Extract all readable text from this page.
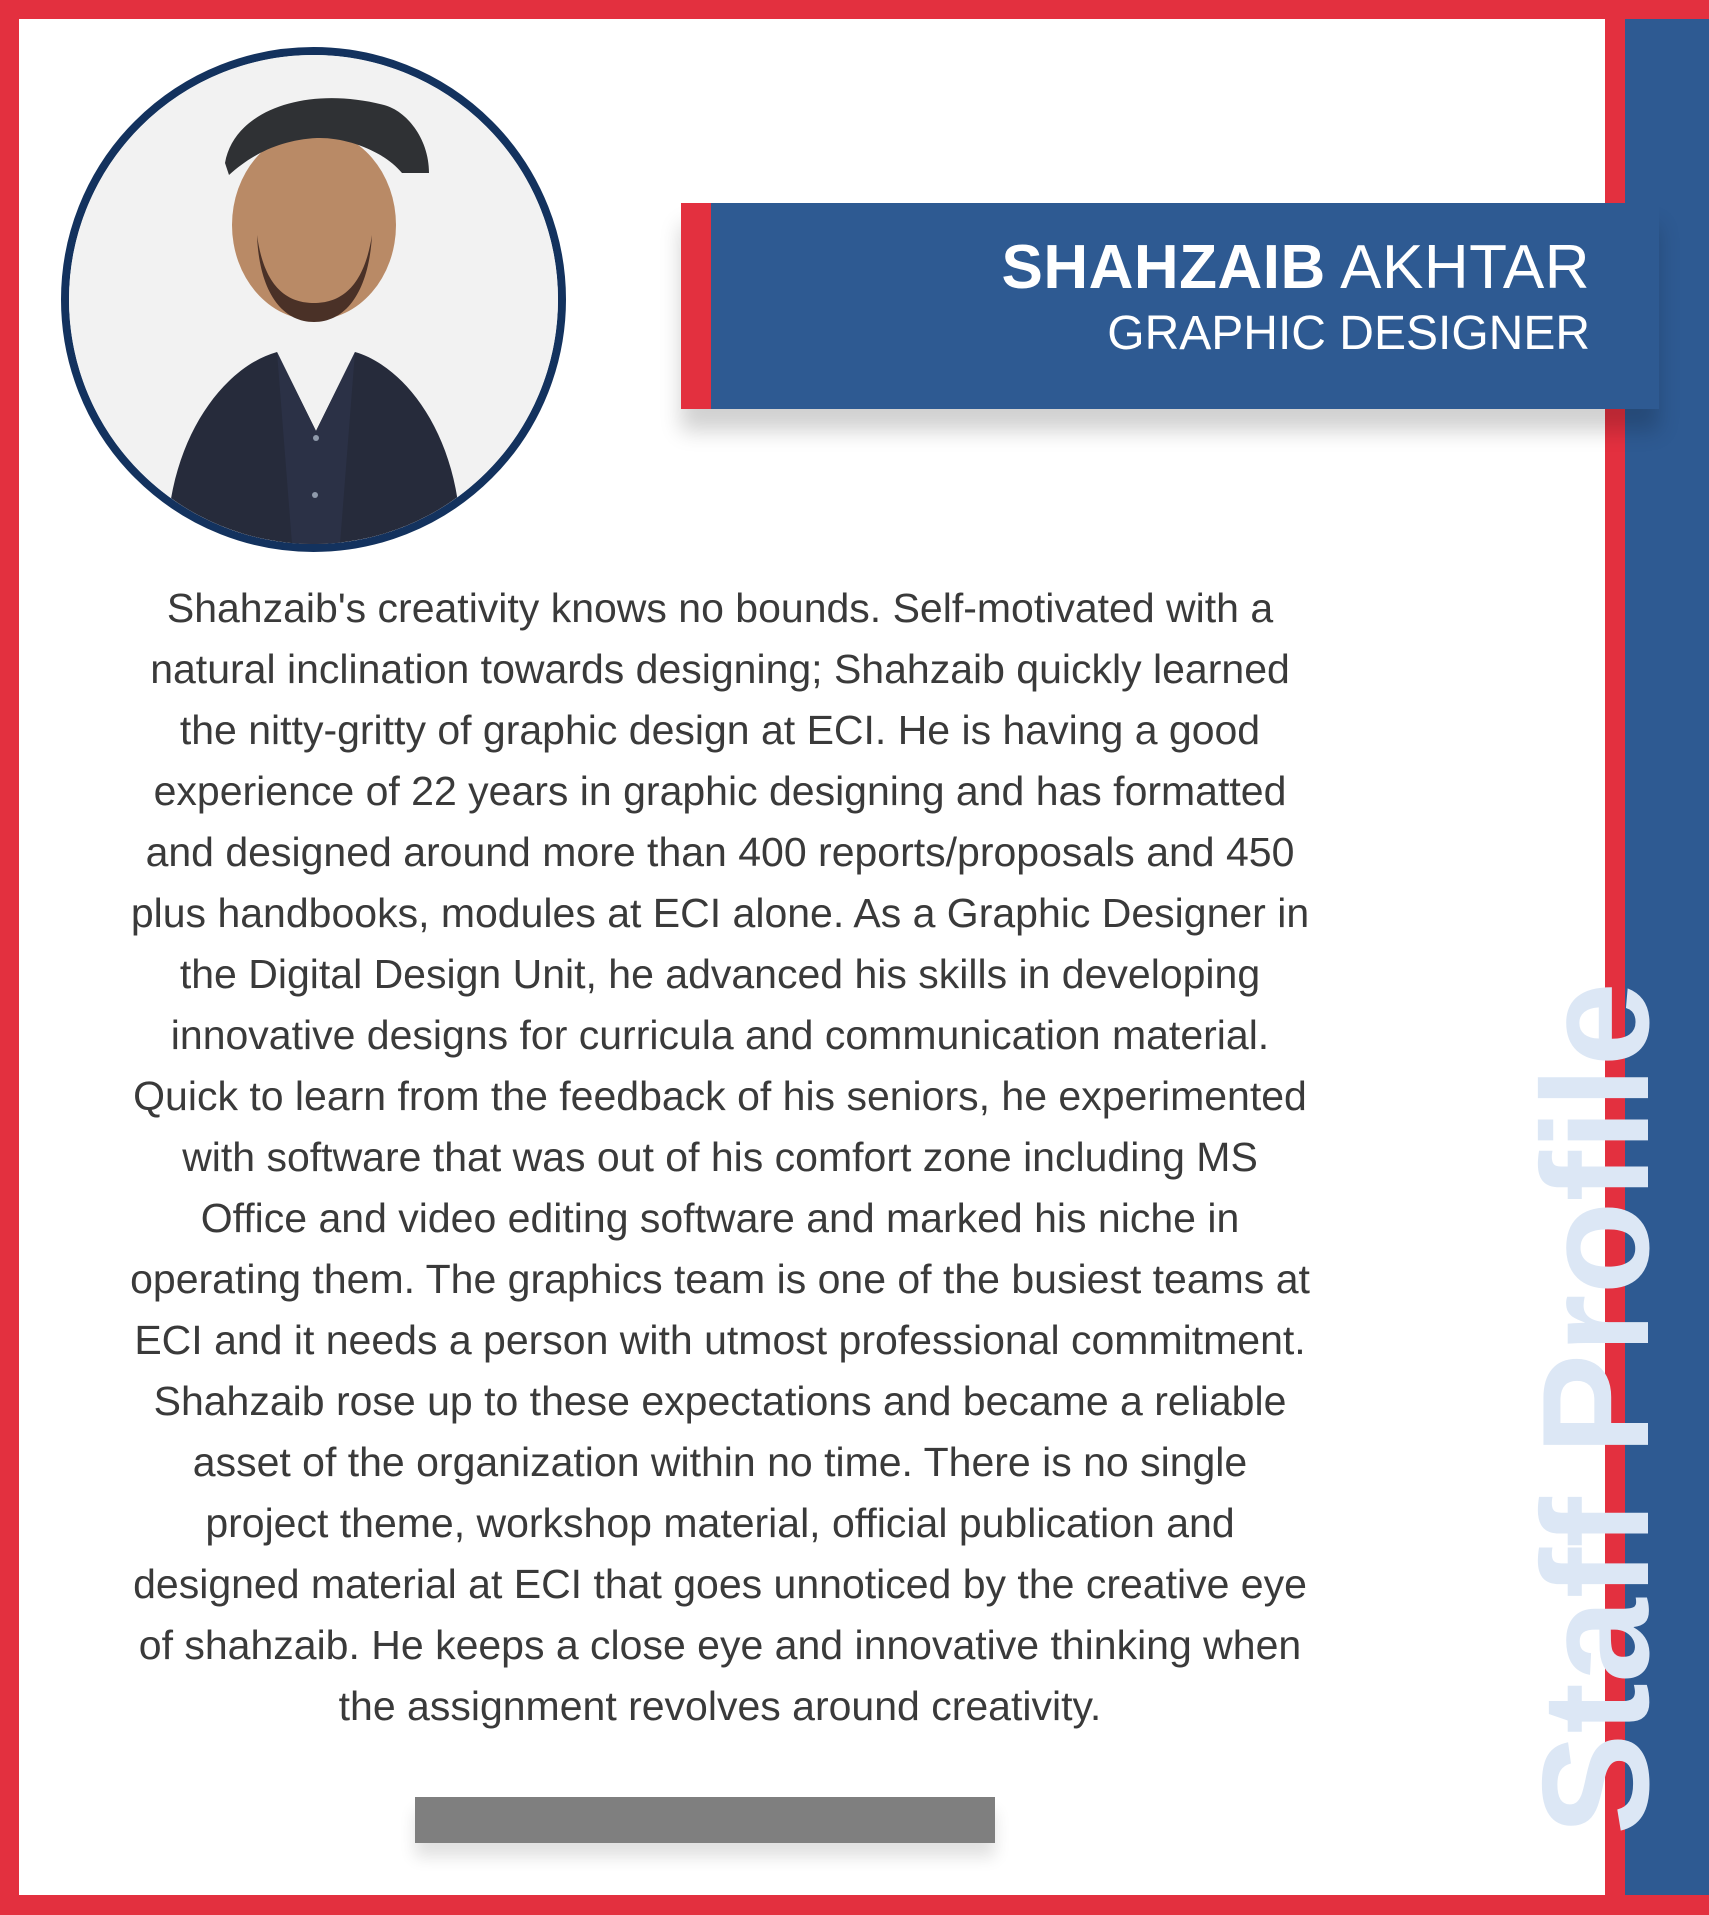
SHAHZAIB AKHTAR
GRAPHIC DESIGNER
Shahzaib's creativity knows no bounds. Self-motivated with a
natural inclination towards designing; Shahzaib quickly learned
the nitty-gritty of graphic design at ECI. He is having a good
experience of 22 years in graphic designing and has formatted
and designed around more than 400 reports/proposals and 450
plus handbooks, modules at ECI alone. As a Graphic Designer in
the Digital Design Unit, he advanced his skills in developing
innovative designs for curricula and communication material.
Quick to learn from the feedback of his seniors, he experimented
with software that was out of his comfort zone including MS
Office and video editing software and marked his niche in
operating them. The graphics team is one of the busiest teams at
ECI and it needs a person with utmost professional commitment.
Shahzaib rose up to these expectations and became a reliable
asset of the organization within no time. There is no single
project theme, workshop material, official publication and
designed material at ECI that goes unnoticed by the creative eye
of shahzaib. He keeps a close eye and innovative thinking when
the assignment revolves around creativity.	Staff Profile
